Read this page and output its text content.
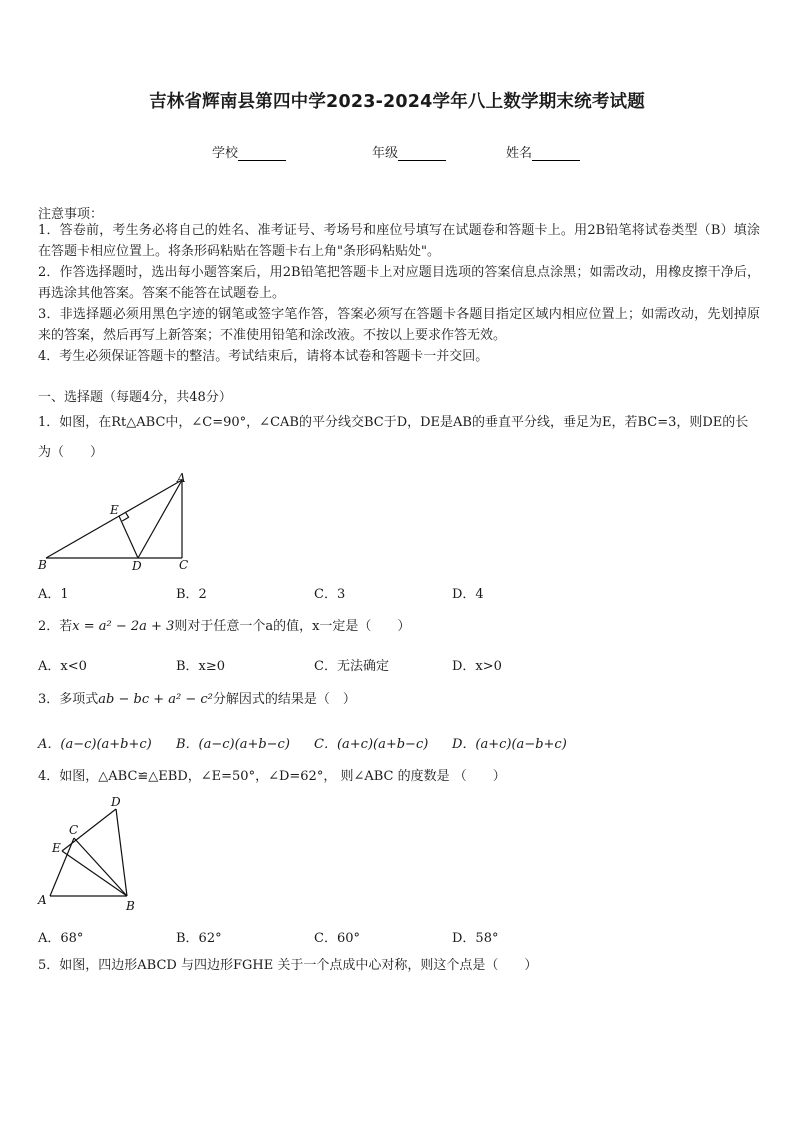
吉林省辉南县第四中学2023-2024学年八上数学期末统考试题
学校	年级	姓名
注意事项：
1．答卷前，考生务必将自己的姓名、准考证号、考场号和座位号填写在试题卷和答题卡上。用2B铅笔将试卷类型（B）填涂在答题卡相应位置上。将条形码粘贴在答题卡右上角"条形码粘贴处"。
2．作答选择题时，选出每小题答案后，用2B铅笔把答题卡上对应题目选项的答案信息点涂黑；如需改动，用橡皮擦干净后，再选涂其他答案。答案不能答在试题卷上。
3．非选择题必须用黑色字迹的钢笔或签字笔作答，答案必须写在答题卡各题目指定区域内相应位置上；如需改动，先划掉原来的答案，然后再写上新答案；不准使用铅笔和涂改液。不按以上要求作答无效。
4．考生必须保证答题卡的整洁。考试结束后，请将本试卷和答题卡一并交回。
一、选择题（每题4分，共48分）
1．如图，在Rt△ABC中，∠C=90°，∠CAB的平分线交BC于D，DE是AB的垂直平分线，垂足为E，若BC=3，则DE的长为（　　）
A
E
B	D	C
A．1	B．2	C．3	D．4
2．若x = a² − 2a + 3则对于任意一个a的值，x一定是（　　）
A．x<0	B．x≥0	C．无法确定	D．x>0
3．多项式ab − bc + a² − c²分解因式的结果是（　）
A．(a−c)(a+b+c) B．(a−c)(a+b−c) C．(a+c)(a+b−c) D．(a+c)(a−b+c)
4．如图，△ABC≌△EBD，∠E=50°，∠D=62°， 则∠ABC 的度数是 （　　）
D
C
E
A	B
A．68°	B．62°	C．60°	D．58°
5．如图，四边形ABCD 与四边形FGHE 关于一个点成中心对称，则这个点是（　　）
